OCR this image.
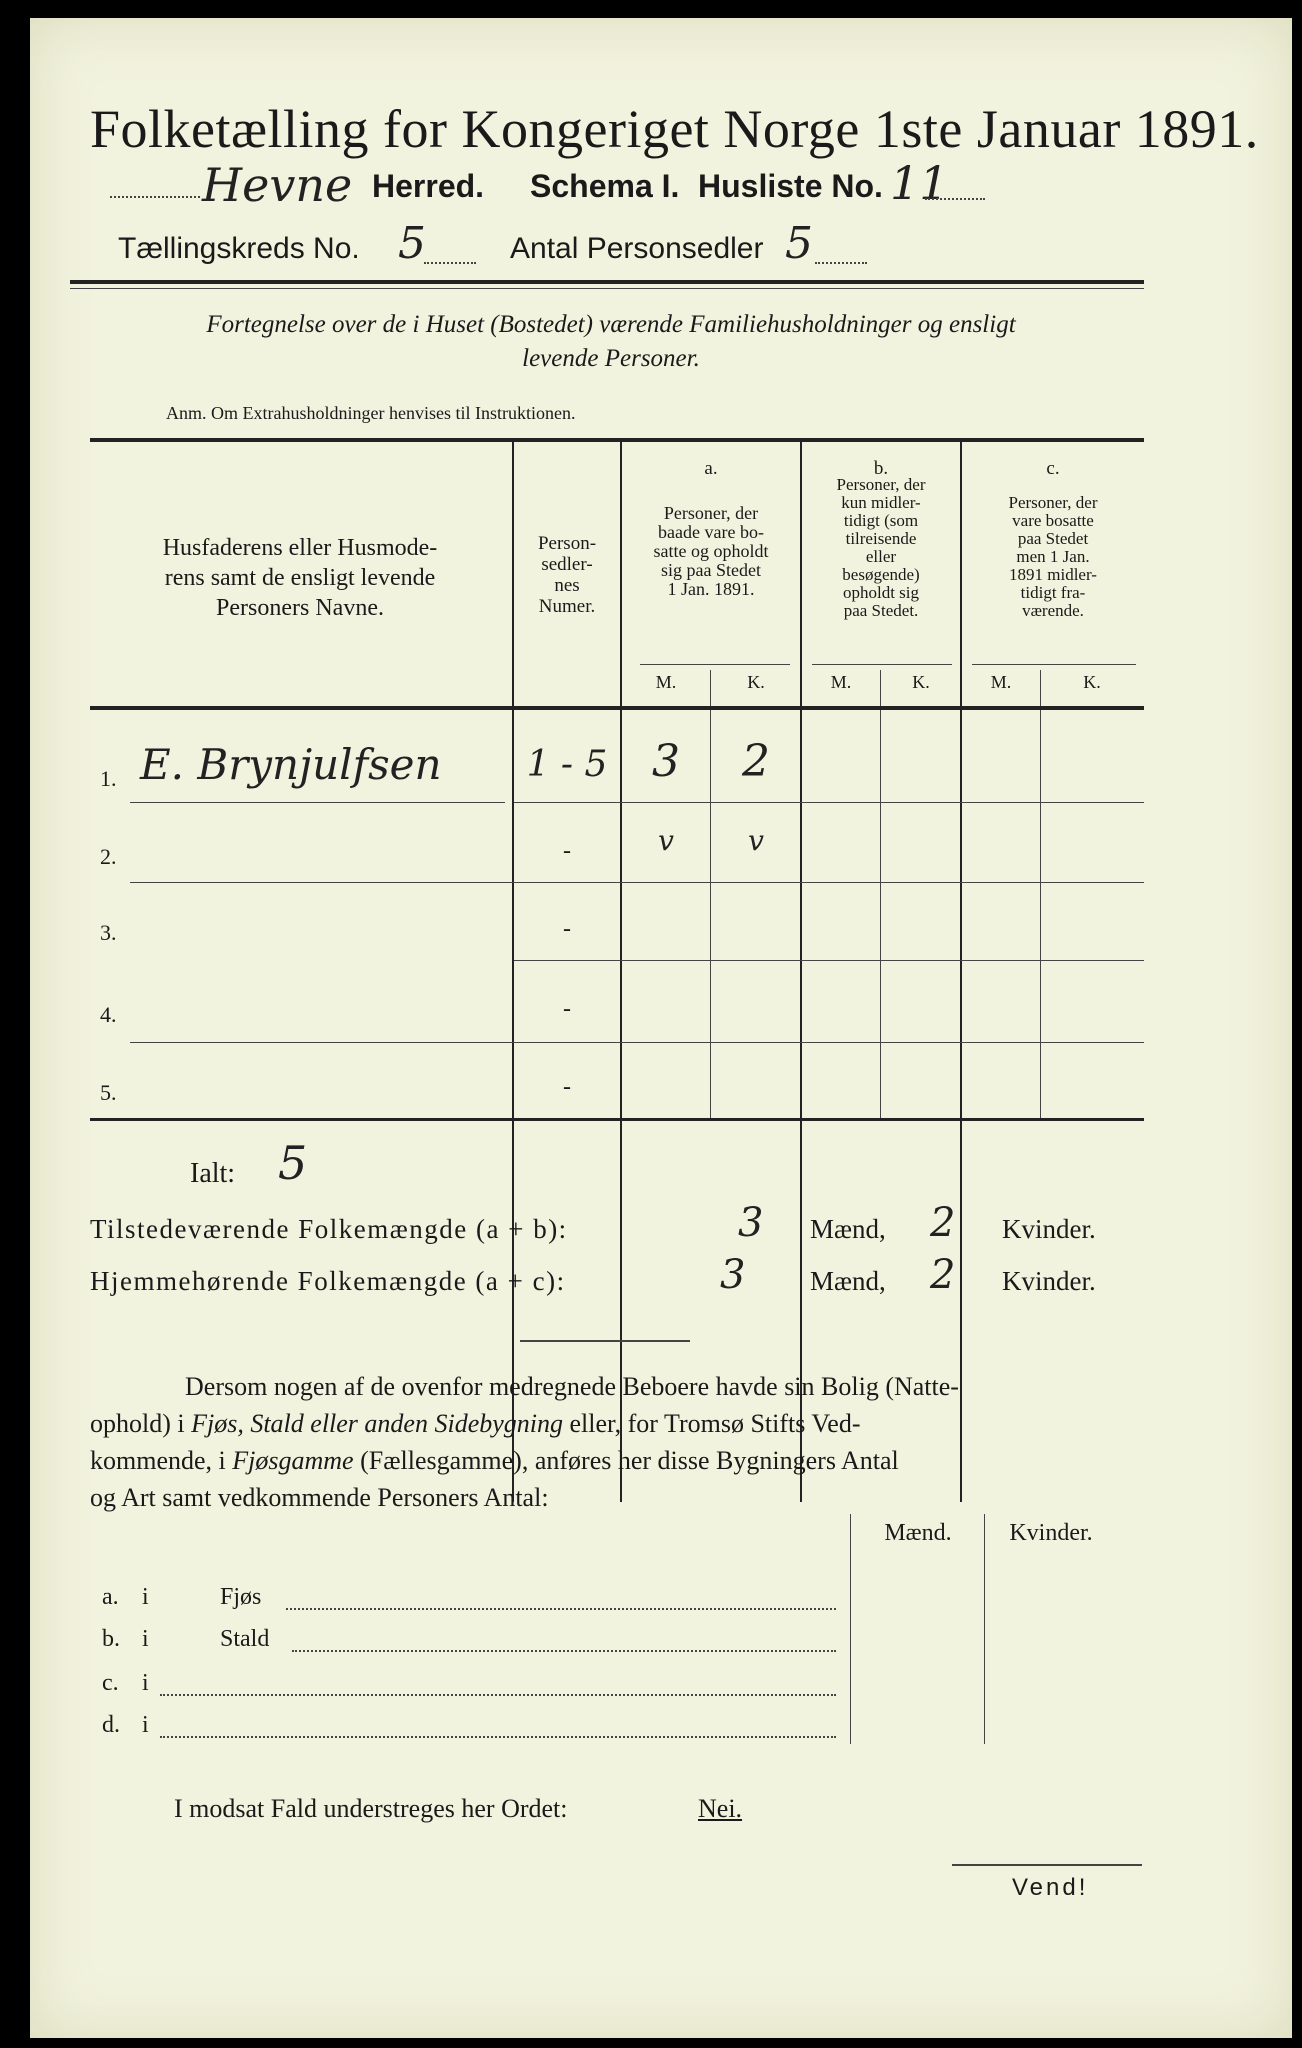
Folketælling for Kongeriget Norge 1ste Januar 1891.
Hevne Herred. Schema I. Husliste No. 11
Tællingskreds No. 5	Antal Personsedler 5
Fortegnelse over de i Huset (Bostedet) værende Familiehusholdninger og ensligt
levende Personer.
Anm. Om Extrahusholdninger henvises til Instruktionen.
Husfaderens eller Husmode-
rens samt de ensligt levende
Personers Navne.
Person-
sedler-
nes
Numer.
a.
Personer, der
baade vare bo-
satte og opholdt
sig paa Stedet
1 Jan. 1891.
b.
Personer, der
kun midler-
tidigt (som
tilreisende
eller
besøgende)
opholdt sig
paa Stedet.
c.
Personer, der
vare bosatte
paa Stedet
men 1 Jan.
1891 midler-
tidigt fra-
værende.
M.	K.	M.	K.	M.	K.
1. E. Brynjulfsen	1 - 5	3	2
2.	-	v	v
3.	-
4.	-
5.	-
Ialt: 5
Tilstedeværende Folkemængde (a + b):	3 Mænd, 2 Kvinder.
Hjemmehørende Folkemængde (a + c):	3 Mænd, 2 Kvinder.
Dersom nogen af de ovenfor medregnede Beboere havde sin Bolig (Natte-
ophold) i Fjøs, Stald eller anden Sidebygning eller, for Tromsø Stifts Ved-
kommende, i Fjøsgamme (Fællesgamme), anføres her disse Bygningers Antal
og Art samt vedkommende Personers Antal:
Mænd.	Kvinder.
a. i	Fjøs
b. i	Stald
c. i
d. i
I modsat Fald understreges her Ordet:	Nei.
Vend!
